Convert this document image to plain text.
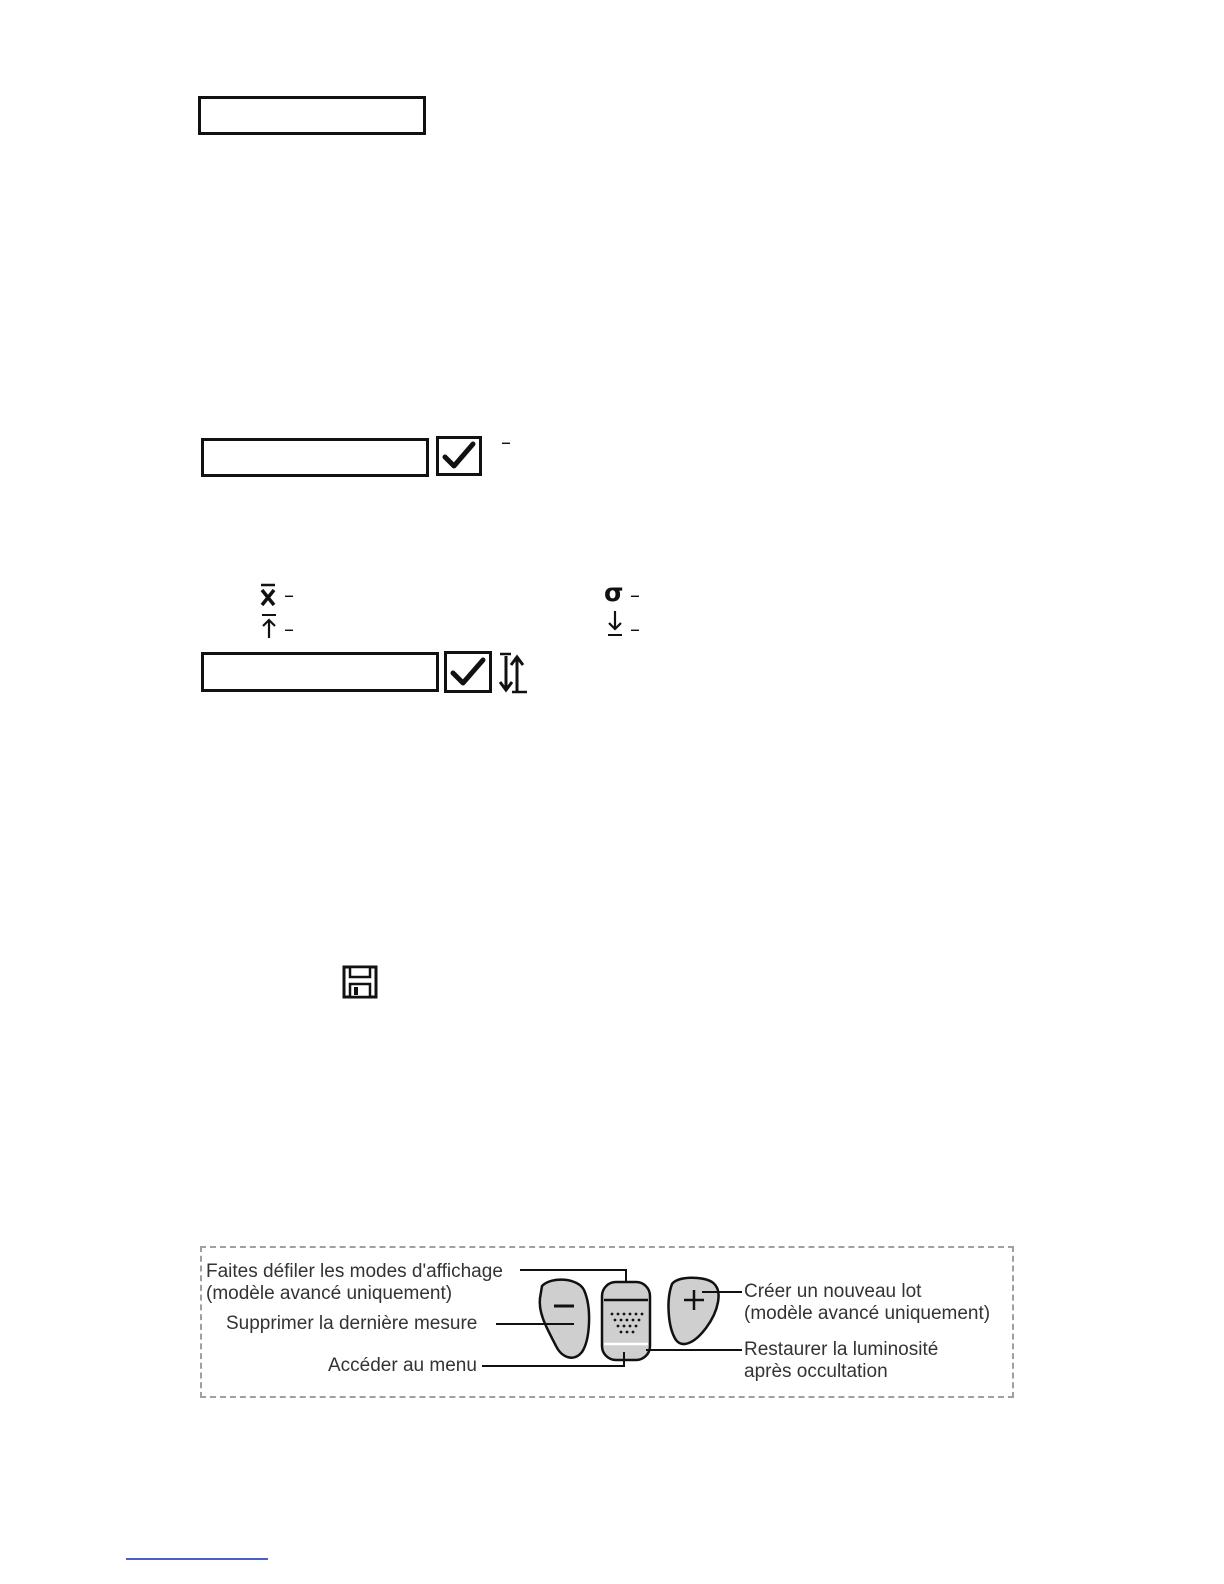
–
–	σ –
–	–
Faites défiler les modes d'affichage
(modèle avancé uniquement)
Supprimer la dernière mesure
Accéder au menu
Créer un nouveau lot
(modèle avancé uniquement)
Restaurer la luminosité
après occultation
